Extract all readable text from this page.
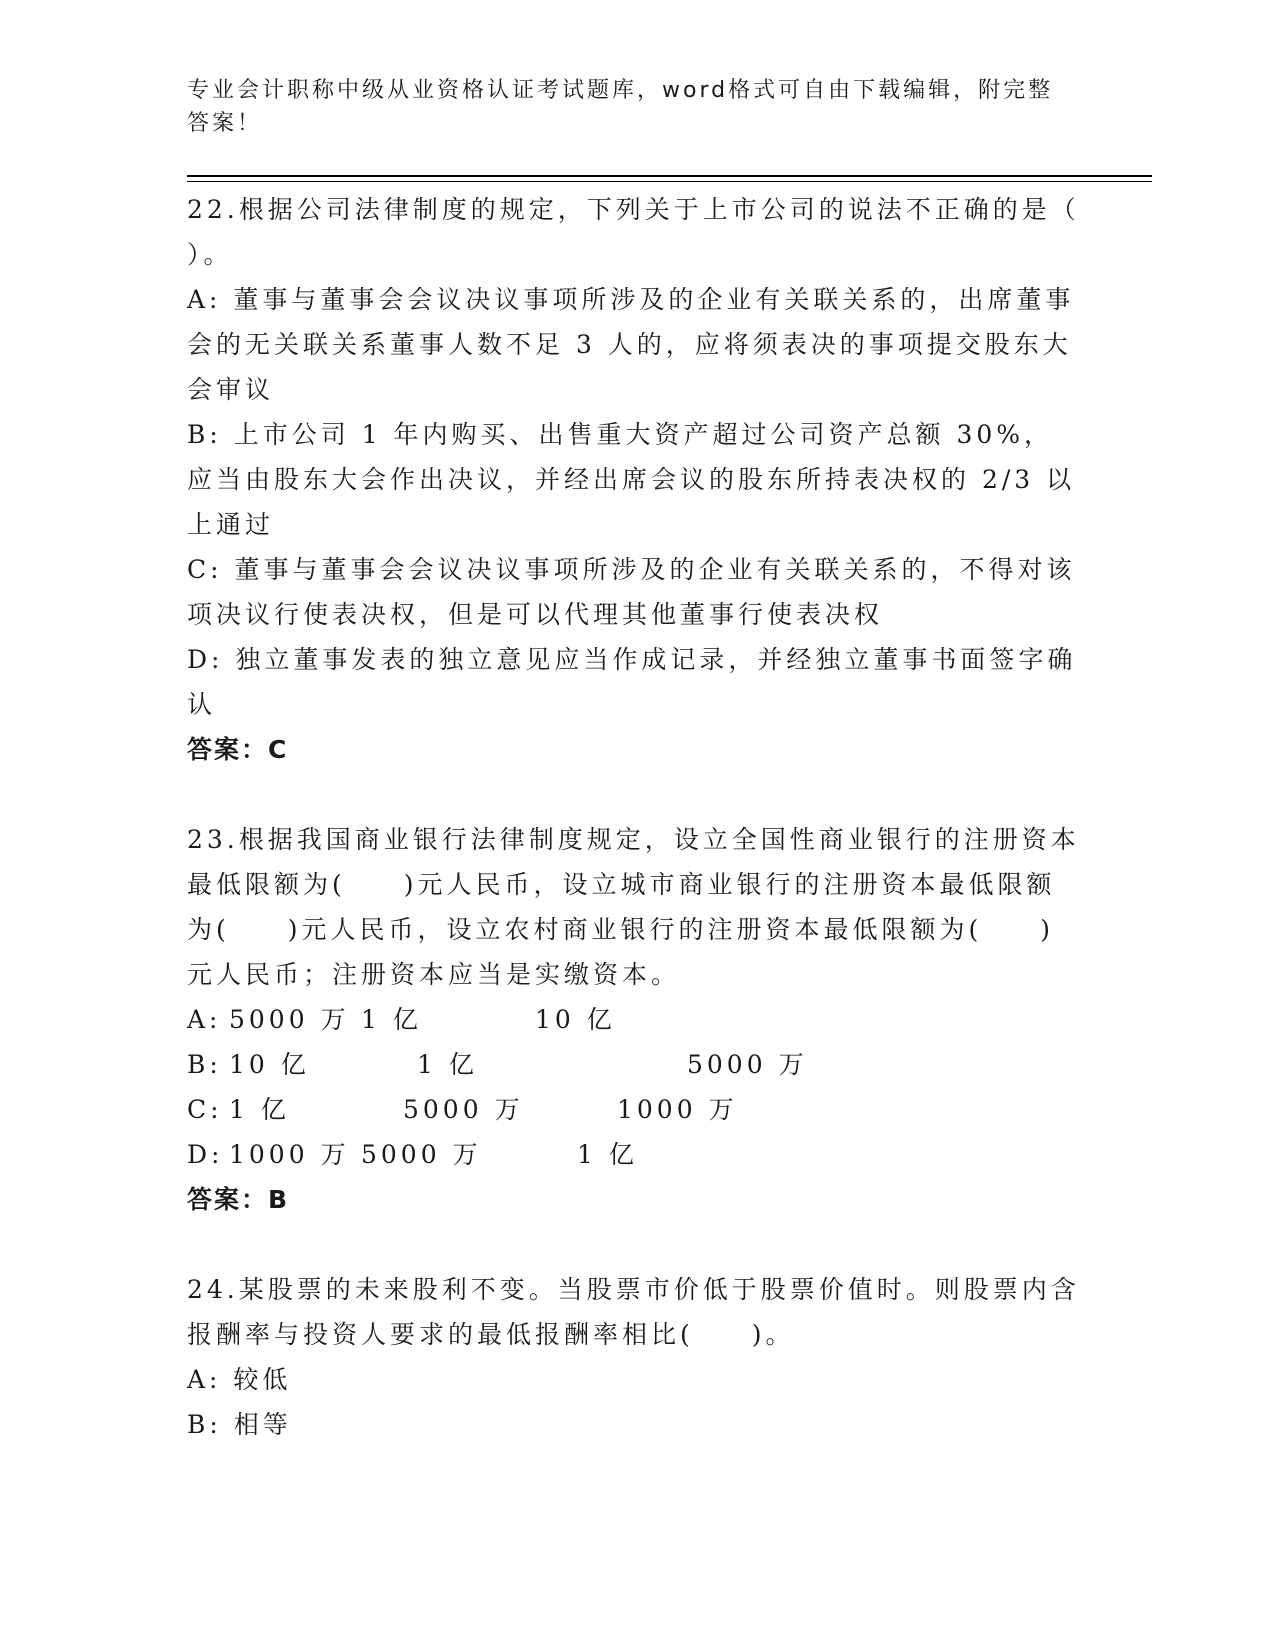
专业会计职称中级从业资格认证考试题库，word格式可自由下载编辑，附完整答案！

22.根据公司法律制度的规定，下列关于上市公司的说法不正确的是（ ）。

A: 董事与董事会会议决议事项所涉及的企业有关联关系的，出席董事会的无关联关系董事人数不足 3 人的，应将须表决的事项提交股东大会审议

B: 上市公司 1 年内购买、出售重大资产超过公司资产总额 30%，应当由股东大会作出决议，并经出席会议的股东所持表决权的 2/3 以上通过

C: 董事与董事会会议决议事项所涉及的企业有关联关系的，不得对该项决议行使表决权，但是可以代理其他董事行使表决权

D: 独立董事发表的独立意见应当作成记录，并经独立董事书面签字确认

答案：C

23.根据我国商业银行法律制度规定，设立全国性商业银行的注册资本最低限额为(　　)元人民币，设立城市商业银行的注册资本最低限额为(　　)元人民币，设立农村商业银行的注册资本最低限额为(　　)元人民币；注册资本应当是实缴资本。

A: 5000 万 1 亿	10 亿
B: 10 亿	1 亿	5000 万
C: 1 亿	5000 万	1000 万
D: 1000 万 5000 万	1 亿

答案：B

24.某股票的未来股利不变。当股票市价低于股票价值时。则股票内含报酬率与投资人要求的最低报酬率相比(　　)。

A: 较低

B: 相等
